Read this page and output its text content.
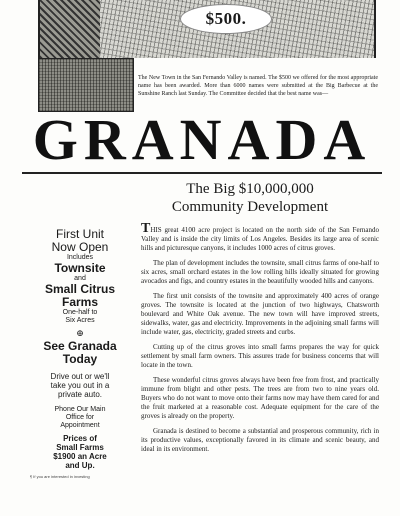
$500.
The New Town in the San Fernando Valley is named. The $500 we offered for the most appropriate name has been awarded. More than 6000 names were submitted at the Big Barbecue at the Sunshine Ranch last Sunday. The Committee decided that the best name was—
GRANADA
The Big $10,000,000
Community Development
First Unit
Now Open
Includes
Townsite
and
Small Citrus
Farms
One-half to
Six Acres
⊕
See Granada
Today
Drive out or we'll
take you out in a
private auto.
Phone Our Main
Office for
Appointment
Prices of
Small Farms
$1900 an Acre
and Up.
¶ If you are interested in investing

THIS great 4100 acre project is located on the north side of the San Fernando Valley and is inside the city limits of Los Angeles. Besides its large area of scenic hills and picturesque canyons, it includes 1000 acres of citrus groves.

The plan of development includes the townsite, small citrus farms of one-half to six acres, small orchard estates in the low rolling hills ideally situated for growing avocados and figs, and country estates in the beautifully wooded hills and canyons.

The first unit consists of the townsite and approximately 400 acres of orange groves. The townsite is located at the junction of two highways, Chatsworth boulevard and White Oak avenue. The new town will have improved streets, sidewalks, water, gas and electricity. Improvements in the adjoining small farms will include water, gas, electricity, graded streets and curbs.

Cutting up of the citrus groves into small farms prepares the way for quick settlement by small farm owners. This assures trade for business concerns that will locate in the town.

These wonderful citrus groves always have been free from frost, and practically immune from blight and other pests. The trees are from two to nine years old. Buyers who do not want to move onto their farms now may have them cared for and the fruit marketed at a reasonable cost. Adequate equipment for the care of the groves is already on the property.

Granada is destined to become a substantial and prosperous community, rich in its productive values, exceptionally favored in its climate and scenic beauty, and ideal in its environment.
